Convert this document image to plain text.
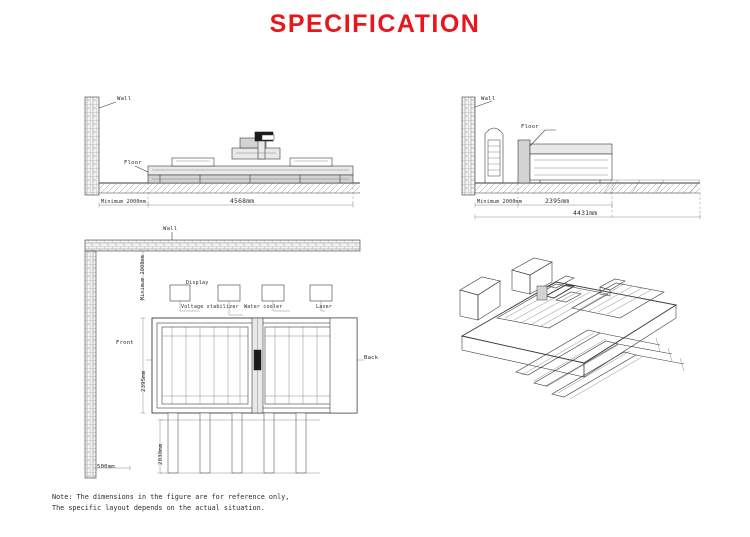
SPECIFICATION
Wall
Floor
Minimum 2000mm	4568mm
Wall
Floor
Minimum 2000mm	2395mm
4431mm
Wall
Minimum 2000mm
2395mm
2030mm
500mm
Front
Back
Display
Voltage stabilizer Water cooler	Laser
Note: The dimensions in the figure are for reference only,
The specific layout depends on the actual situation.
